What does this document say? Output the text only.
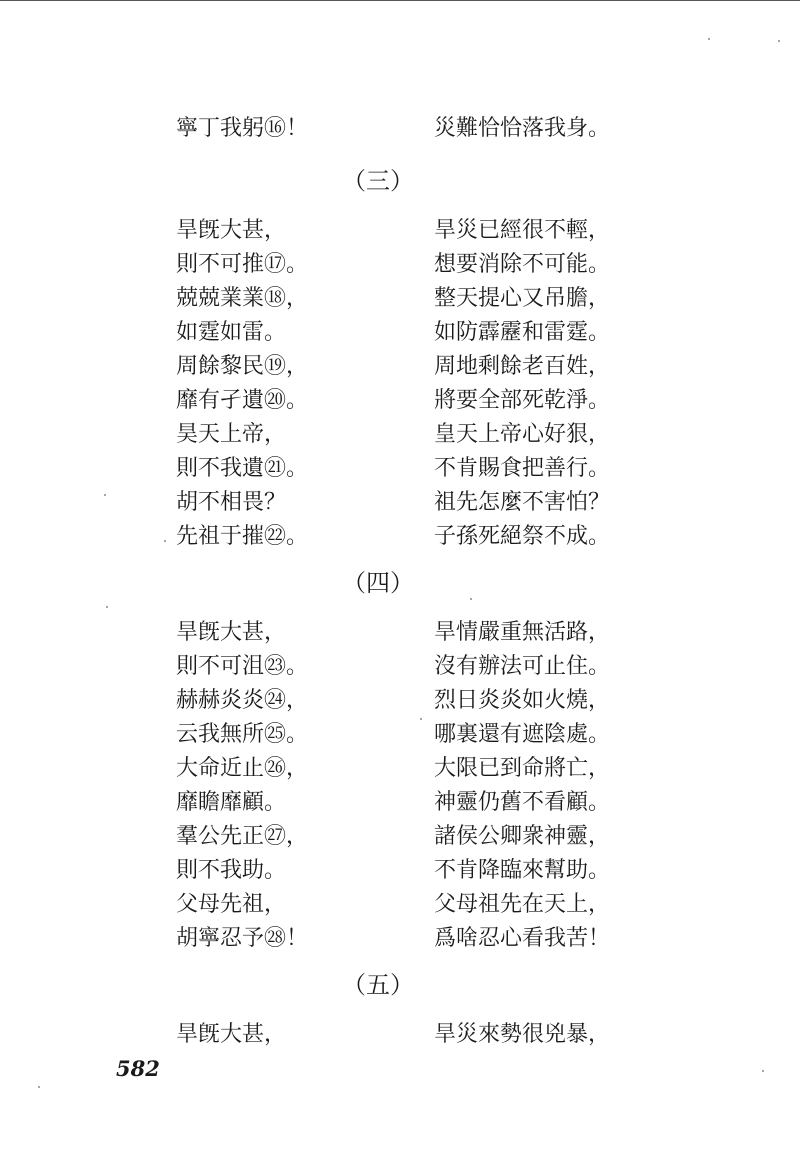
寧丁我躬⑯！	災難恰恰落我身。
（三）
旱旣大甚，	旱災已經很不輕，
則不可推⑰。	想要消除不可能。
兢兢業業⑱，	整天提心又吊膽，
如霆如雷。	如防霹靂和雷霆。
周餘黎民⑲，	周地剩餘老百姓，
靡有孑遺⑳。	將要全部死乾淨。
昊天上帝，	皇天上帝心好狠，
則不我遺㉑。	不肯賜食把善行。
胡不相畏？	祖先怎麼不害怕？
先祖于摧㉒。	子孫死絕祭不成。
（四）
旱旣大甚，	旱情嚴重無活路，
則不可沮㉓。	沒有辦法可止住。
赫赫炎炎㉔，	烈日炎炎如火燒，
云我無所㉕。	哪裏還有遮陰處。
大命近止㉖，	大限已到命將亡，
靡瞻靡顧。	神靈仍舊不看顧。
羣公先正㉗，	諸侯公卿衆神靈，
則不我助。	不肯降臨來幫助。
父母先祖，	父母祖先在天上，
胡寧忍予㉘！	爲啥忍心看我苦！
（五）
旱旣大甚，	旱災來勢很兇暴，
582
